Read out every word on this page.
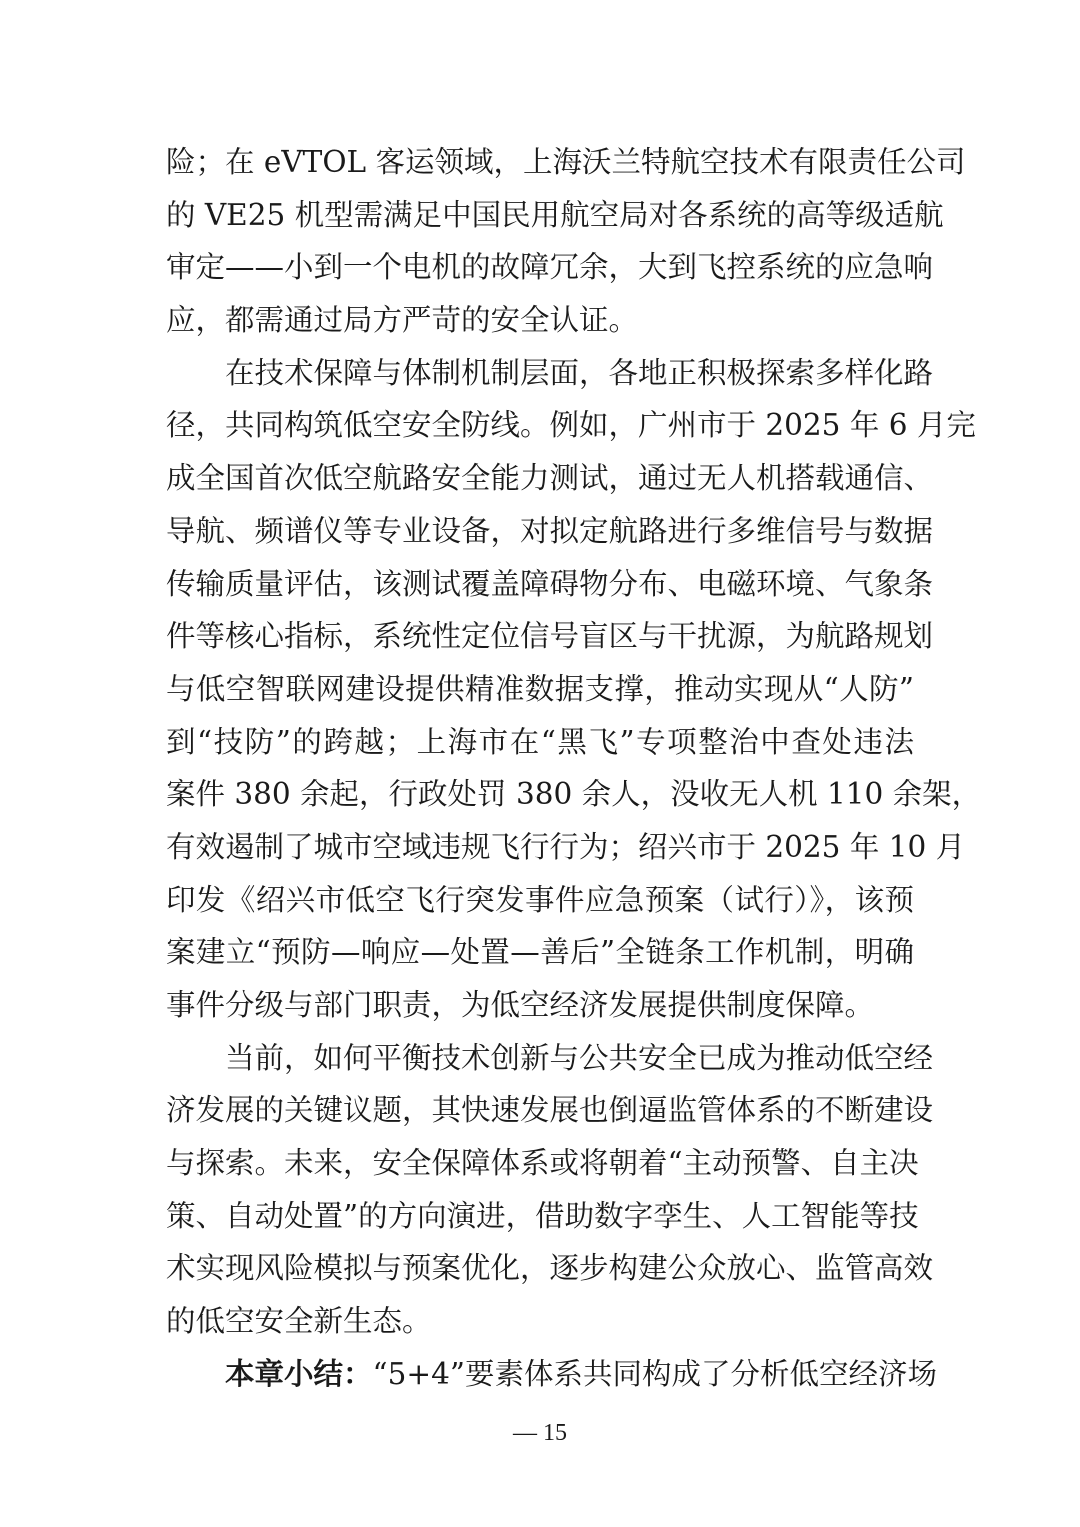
险；在 eVTOL 客运领域，上海沃兰特航空技术有限责任公司
的 VE25 机型需满足中国民用航空局对各系统的高等级适航
审定——小到一个电机的故障冗余，大到飞控系统的应急响
应，都需通过局方严苛的安全认证。
　　在技术保障与体制机制层面，各地正积极探索多样化路
径，共同构筑低空安全防线。例如，广州市于 2025 年 6 月完
成全国首次低空航路安全能力测试，通过无人机搭载通信、
导航、频谱仪等专业设备，对拟定航路进行多维信号与数据
传输质量评估，该测试覆盖障碍物分布、电磁环境、气象条
件等核心指标，系统性定位信号盲区与干扰源，为航路规划
与低空智联网建设提供精准数据支撑，推动实现从“人防”
到“技防”的跨越；上海市在“黑飞”专项整治中查处违法
案件 380 余起，行政处罚 380 余人，没收无人机 110 余架，
有效遏制了城市空域违规飞行行为；绍兴市于 2025 年 10 月
印发《绍兴市低空飞行突发事件应急预案（试行）》，该预
案建立“预防—响应—处置—善后”全链条工作机制，明确
事件分级与部门职责，为低空经济发展提供制度保障。
　　当前，如何平衡技术创新与公共安全已成为推动低空经
济发展的关键议题，其快速发展也倒逼监管体系的不断建设
与探索。未来，安全保障体系或将朝着“主动预警、自主决
策、自动处置”的方向演进，借助数字孪生、人工智能等技
术实现风险模拟与预案优化，逐步构建公众放心、监管高效
的低空安全新生态。
　　本章小结：“5+4”要素体系共同构成了分析低空经济场
— 15
